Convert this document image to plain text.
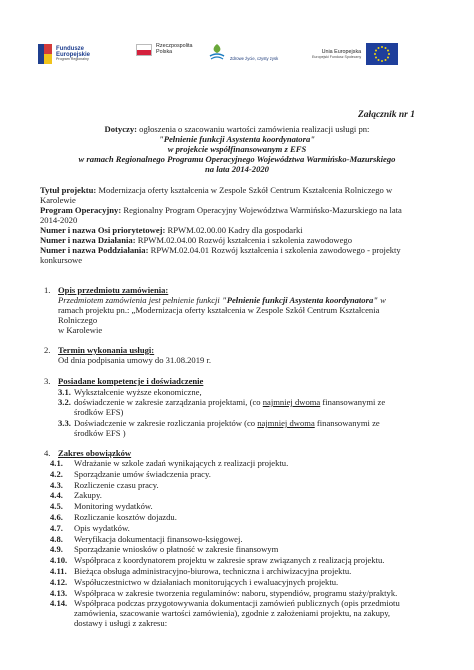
Fundusze
Europejskie
Program Regionalny
Rzeczpospolita
Polska
Zdrowe życie, czysty zysk
Unia Europejska
Europejski Fundusz Społeczny
Załącznik nr 1
Dotyczy: ogłoszenia o szacowaniu wartości zamówienia realizacji usługi pn:
"Pełnienie funkcji Asystenta koordynatora"
w projekcie współfinansowanym z EFS
w ramach Regionalnego Programu Operacyjnego Województwa Warmińsko-Mazurskiego
na lata 2014-2020
Tytuł projektu: Modernizacja oferty kształcenia w Zespole Szkół Centrum Kształcenia Rolniczego w
Karolewie
Program Operacyjny: Regionalny Program Operacyjny Województwa Warmińsko-Mazurskiego na lata
2014-2020
Numer i nazwa Osi priorytetowej: RPWM.02.00.00 Kadry dla gospodarki
Numer i nazwa Działania: RPWM.02.04.00 Rozwój kształcenia i szkolenia zawodowego
Numer i nazwa Poddziałania: RPWM.02.04.01 Rozwój kształcenia i szkolenia zawodowego - projekty
konkursowe
1. Opis przedmiotu zamówienia:
Przedmiotem zamówienia jest pełnienie funkcji "Pełnienie funkcji Asystenta koordynatora" w
ramach projektu pn.: „Modernizacja oferty kształcenia w Zespole Szkół Centrum Kształcenia
Rolniczego
w Karolewie
2. Termin wykonania usługi:
Od dnia podpisania umowy do 31.08.2019 r.
3. Posiadane kompetencje i doświadczenie
3.1. Wykształcenie wyższe ekonomiczne,
3.2. doświadczenie w zakresie zarządzania projektami, (co najmniej dwoma finansowanymi ze
środków EFS)
3.3. Doświadczenie w zakresie rozliczania projektów (co najmniej dwoma finansowanymi ze
środków EFS )
4. Zakres obowiązków
4.1. Wdrażanie w szkole zadań wynikających z realizacji projektu.
4.2. Sporządzanie umów świadczenia pracy.
4.3. Rozliczenie czasu pracy.
4.4. Zakupy.
4.5. Monitoring wydatków.
4.6. Rozliczanie kosztów dojazdu.
4.7. Opis wydatków.
4.8. Weryfikacja dokumentacji finansowo-księgowej.
4.9. Sporządzanie wniosków o płatność w zakresie finansowym
4.10. Współpraca z koordynatorem projektu w zakresie spraw związanych z realizacją projektu.
4.11. Bieżąca obsługa administracyjno-biurowa, techniczna i archiwizacyjna projektu.
4.12. Współuczestnictwo w działaniach monitorujących i ewaluacyjnych projektu.
4.13. Współpraca w zakresie tworzenia regulaminów: naboru, stypendiów, programu staży/praktyk.
4.14. Współpraca podczas przygotowywania dokumentacji zamówień publicznych (opis przedmiotu
zamówienia, szacowanie wartości zamówienia), zgodnie z założeniami projektu, na zakupy,
dostawy i usługi z zakresu:
